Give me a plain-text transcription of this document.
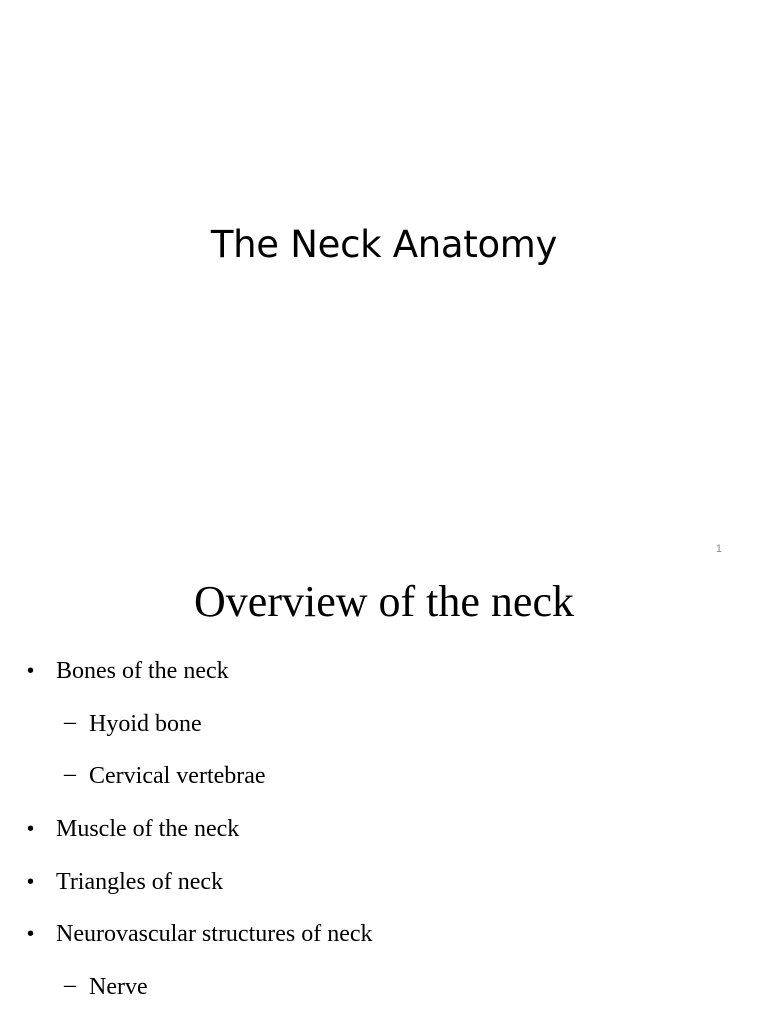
The Neck Anatomy
1
Overview of the neck
• Bones of the neck
– Hyoid bone
– Cervical vertebrae
• Muscle of the neck
• Triangles of neck
• Neurovascular structures of neck
– Nerve
